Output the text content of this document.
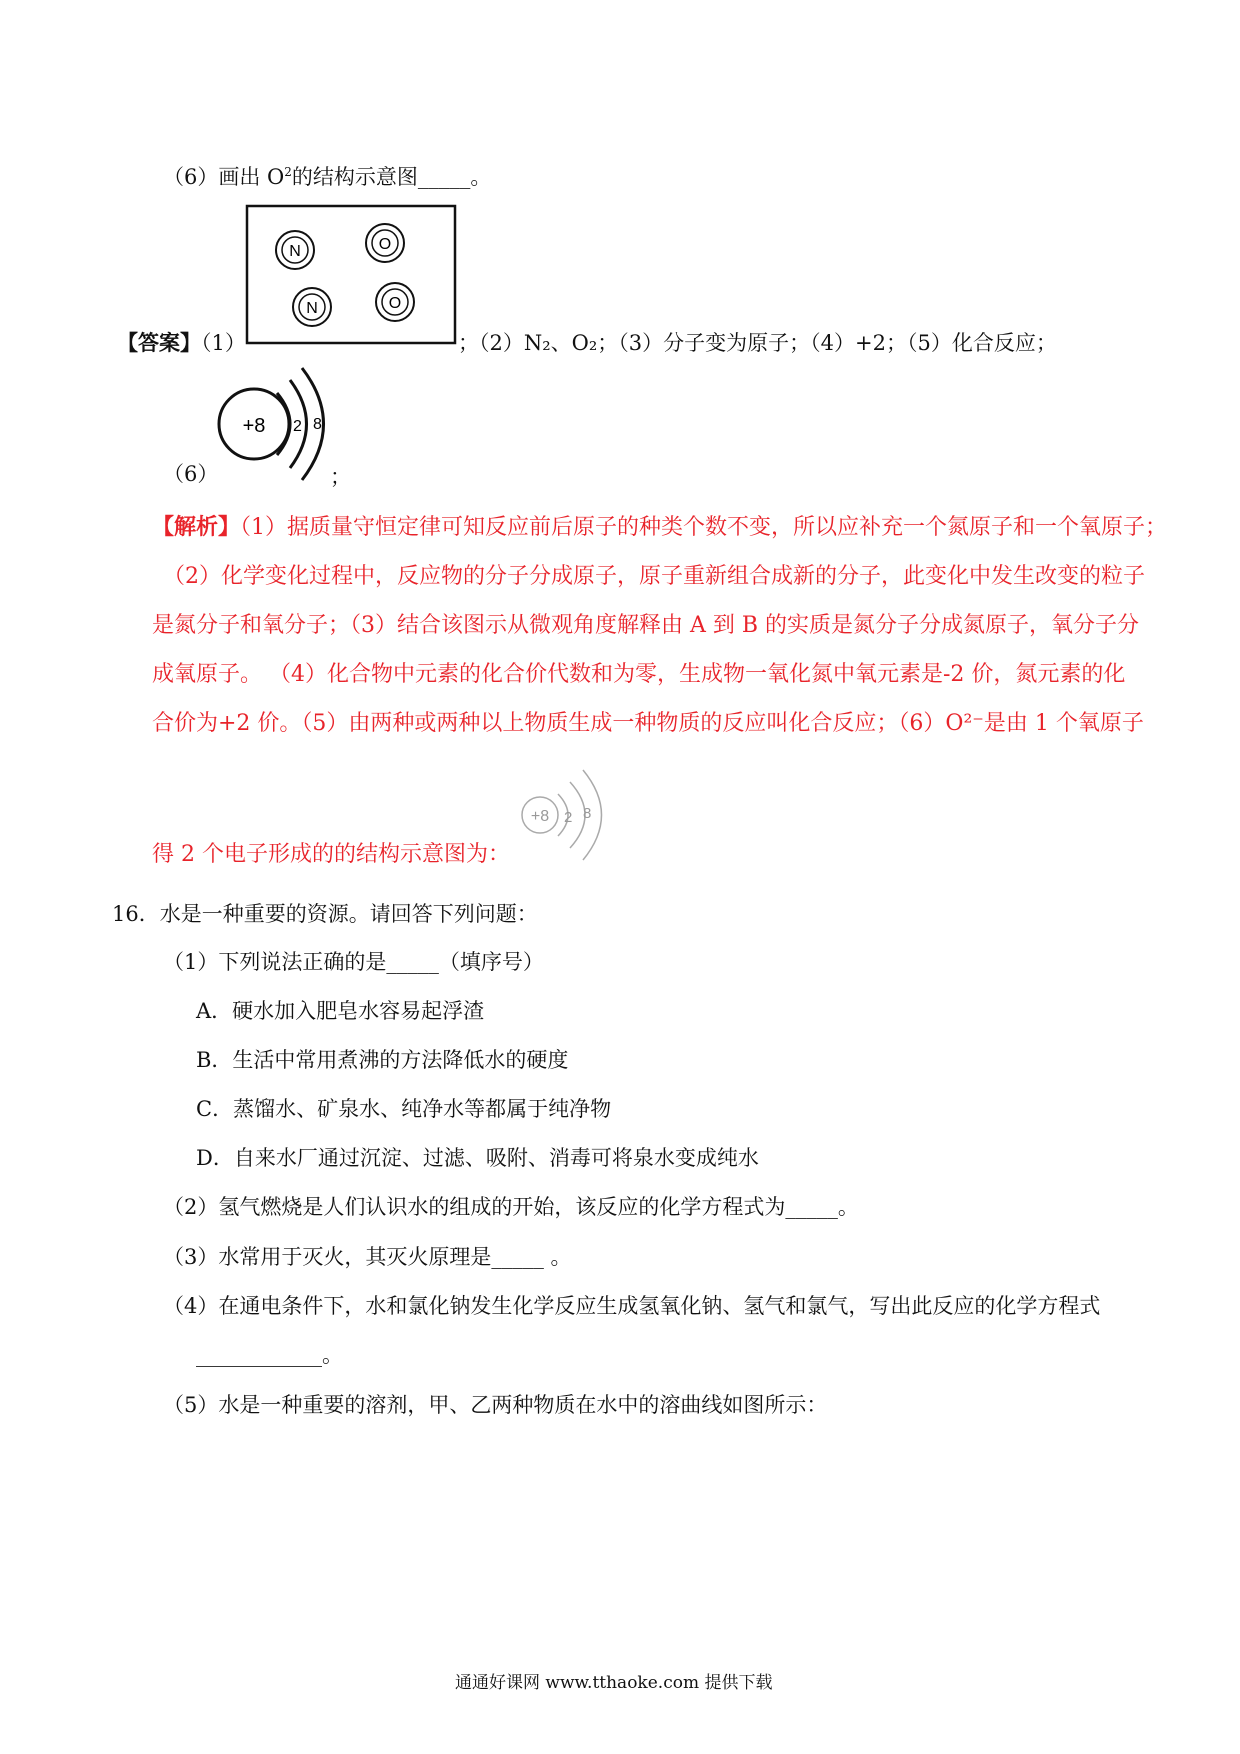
（6）画出 $O^2$的结构示意图_____。
N	O
N	O
【答案】（1）	；（2）N₂、O₂；（3）分子变为原子；（4）+2；（5）化合反应；
（6）
+8 2 8
；
【解析】（1）据质量守恒定律可知反应前后原子的种类个数不变，所以应补充一个氮原子和一个氧原子；
（2）化学变化过程中，反应物的分子分成原子，原子重新组合成新的分子，此变化中发生改变的粒子
是氮分子和氧分子；（3）结合该图示从微观角度解释由 A 到 B 的实质是氮分子分成氮原子，氧分子分
成氧原子。 （4）化合物中元素的化合价代数和为零，生成物一氧化氮中氧元素是-2 价，氮元素的化
合价为+2 价。（5）由两种或两种以上物质生成一种物质的反应叫化合反应；（6）O²⁻是由 1 个氧原子
+8 2 8
得 2 个电子形成的的结构示意图为：
16．水是一种重要的资源。请回答下列问题：
（1）下列说法正确的是_____（填序号）
A．硬水加入肥皂水容易起浮渣
B．生活中常用煮沸的方法降低水的硬度
C．蒸馏水、矿泉水、纯净水等都属于纯净物
D．自来水厂通过沉淀、过滤、吸附、消毒可将泉水变成纯水
（2）氢气燃烧是人们认识水的组成的开始，该反应的化学方程式为_____。
（3）水常用于灭火，其灭火原理是_____ 。
（4）在通电条件下，水和氯化钠发生化学反应生成氢氧化钠、氢气和氯气，写出此反应的化学方程式
____________。
（5）水是一种重要的溶剂，甲、乙两种物质在水中的溶曲线如图所示：
通通好课网 www.tthaoke.com 提供下载
